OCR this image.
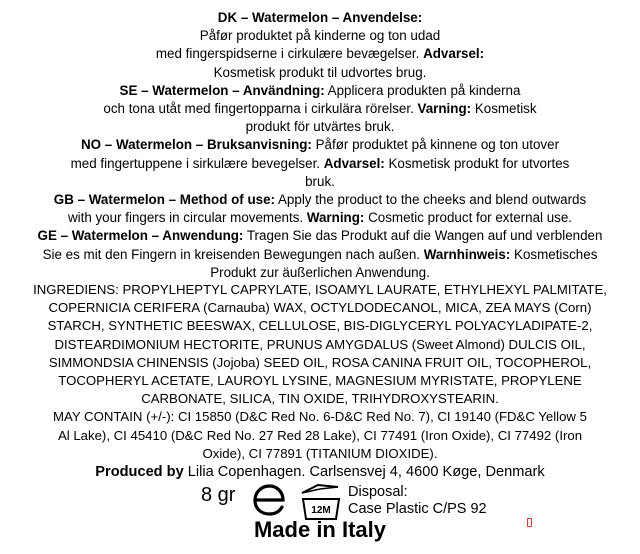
DK – Watermelon – Anvendelse:
Påfør produktet på kinderne og ton udad
med fingerspidserne i cirkulære bevægelser. Advarsel:
Kosmetisk produkt til udvortes brug.
SE – Watermelon – Användning: Applicera produkten på kinderna
och tona utåt med fingertopparna i cirkulära rörelser. Varning: Kosmetisk
produkt för utvärtes bruk.
NO – Watermelon – Bruksanvisning: Påfør produktet på kinnene og ton utover
med fingertuppene i sirkulære bevegelser. Advarsel: Kosmetisk produkt for utvortes
bruk.
GB – Watermelon – Method of use: Apply the product to the cheeks and blend outwards
with your fingers in circular movements. Warning: Cosmetic product for external use.
GE – Watermelon – Anwendung: Tragen Sie das Produkt auf die Wangen auf und verblenden
Sie es mit den Fingern in kreisenden Bewegungen nach außen. Warnhinweis: Kosmetisches
Produkt zur äußerlichen Anwendung.
INGREDIENS: PROPYLHEPTYL CAPRYLATE, ISOAMYL LAURATE, ETHYLHEXYL PALMITATE,
COPERNICIA CERIFERA (Carnauba) WAX, OCTYLDODECANOL, MICA, ZEA MAYS (Corn)
STARCH, SYNTHETIC BEESWAX, CELLULOSE, BIS-DIGLYCERYL POLYACYLADIPATE-2,
DISTEARDIMONIUM HECTORITE, PRUNUS AMYGDALUS (Sweet Almond) DULCIS OIL,
SIMMONDSIA CHINENSIS (Jojoba) SEED OIL, ROSA CANINA FRUIT OIL, TOCOPHEROL,
TOCOPHERYL ACETATE, LAUROYL LYSINE, MAGNESIUM MYRISTATE, PROPYLENE
CARBONATE, SILICA, TIN OXIDE, TRIHYDROXYSTEARIN.
MAY CONTAIN (+/-): CI 15850 (D&C Red No. 6-D&C Red No. 7), CI 19140 (FD&C Yellow 5
Al Lake), CI 45410 (D&C Red No. 27 Red 28 Lake), CI 77491 (Iron Oxide), CI 77492 (Iron
Oxide), CI 77891 (TITANIUM DIOXIDE).
Produced by Lilia Copenhagen. Carlsensvej 4, 4600 Køge, Denmark
8 gr
12M
Disposal:
Case Plastic C/PS 92
Made in Italy
